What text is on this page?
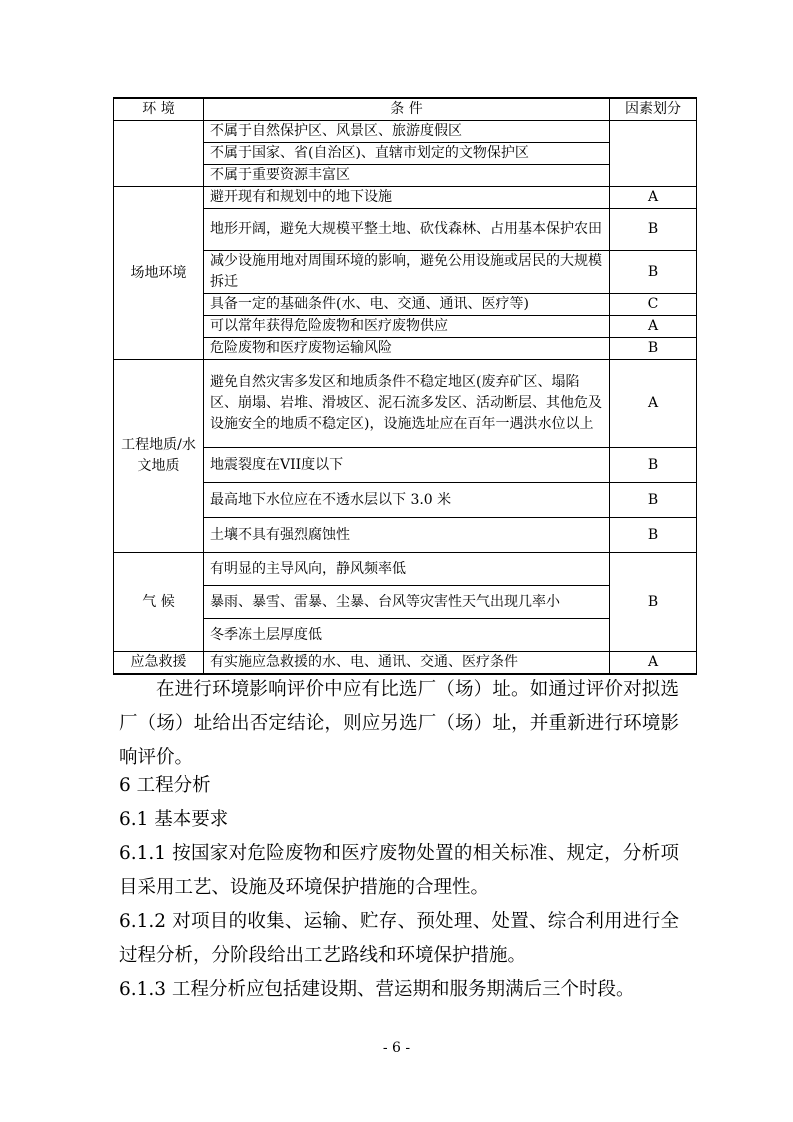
环 境	条 件	因素划分
	不属于自然保护区、风景区、旅游度假区	
	不属于国家、省(自治区)、直辖市划定的文物保护区	
	不属于重要资源丰富区	
场地环境	避开现有和规划中的地下设施	A
	地形开阔，避免大规模平整土地、砍伐森林、占用基本保护农田	B
	减少设施用地对周围环境的影响，避免公用设施或居民的大规模拆迁	B
	具备一定的基础条件(水、电、交通、通讯、医疗等)	C
	可以常年获得危险废物和医疗废物供应	A
	危险废物和医疗废物运输风险	B
工程地质/水文地质	避免自然灾害多发区和地质条件不稳定地区(废弃矿区、塌陷区、崩塌、岩堆、滑坡区、泥石流多发区、活动断层、其他危及设施安全的地质不稳定区)，设施选址应在百年一遇洪水位以上	A
	地震裂度在VII度以下	B
	最高地下水位应在不透水层以下 3.0 米	B
	土壤不具有强烈腐蚀性	B
气 候	有明显的主导风向，静风频率低	B
	暴雨、暴雪、雷暴、尘暴、台风等灾害性天气出现几率小	
	冬季冻土层厚度低	
应急救援	有实施应急救援的水、电、通讯、交通、医疗条件	A

在进行环境影响评价中应有比选厂（场）址。如通过评价对拟选厂（场）址给出否定结论，则应另选厂（场）址，并重新进行环境影响评价。

6 工程分析

6.1 基本要求

6.1.1 按国家对危险废物和医疗废物处置的相关标准、规定，分析项目采用工艺、设施及环境保护措施的合理性。

6.1.2 对项目的收集、运输、贮存、预处理、处置、综合利用进行全过程分析，分阶段给出工艺路线和环境保护措施。

6.1.3 工程分析应包括建设期、营运期和服务期满后三个时段。

- 6 -
